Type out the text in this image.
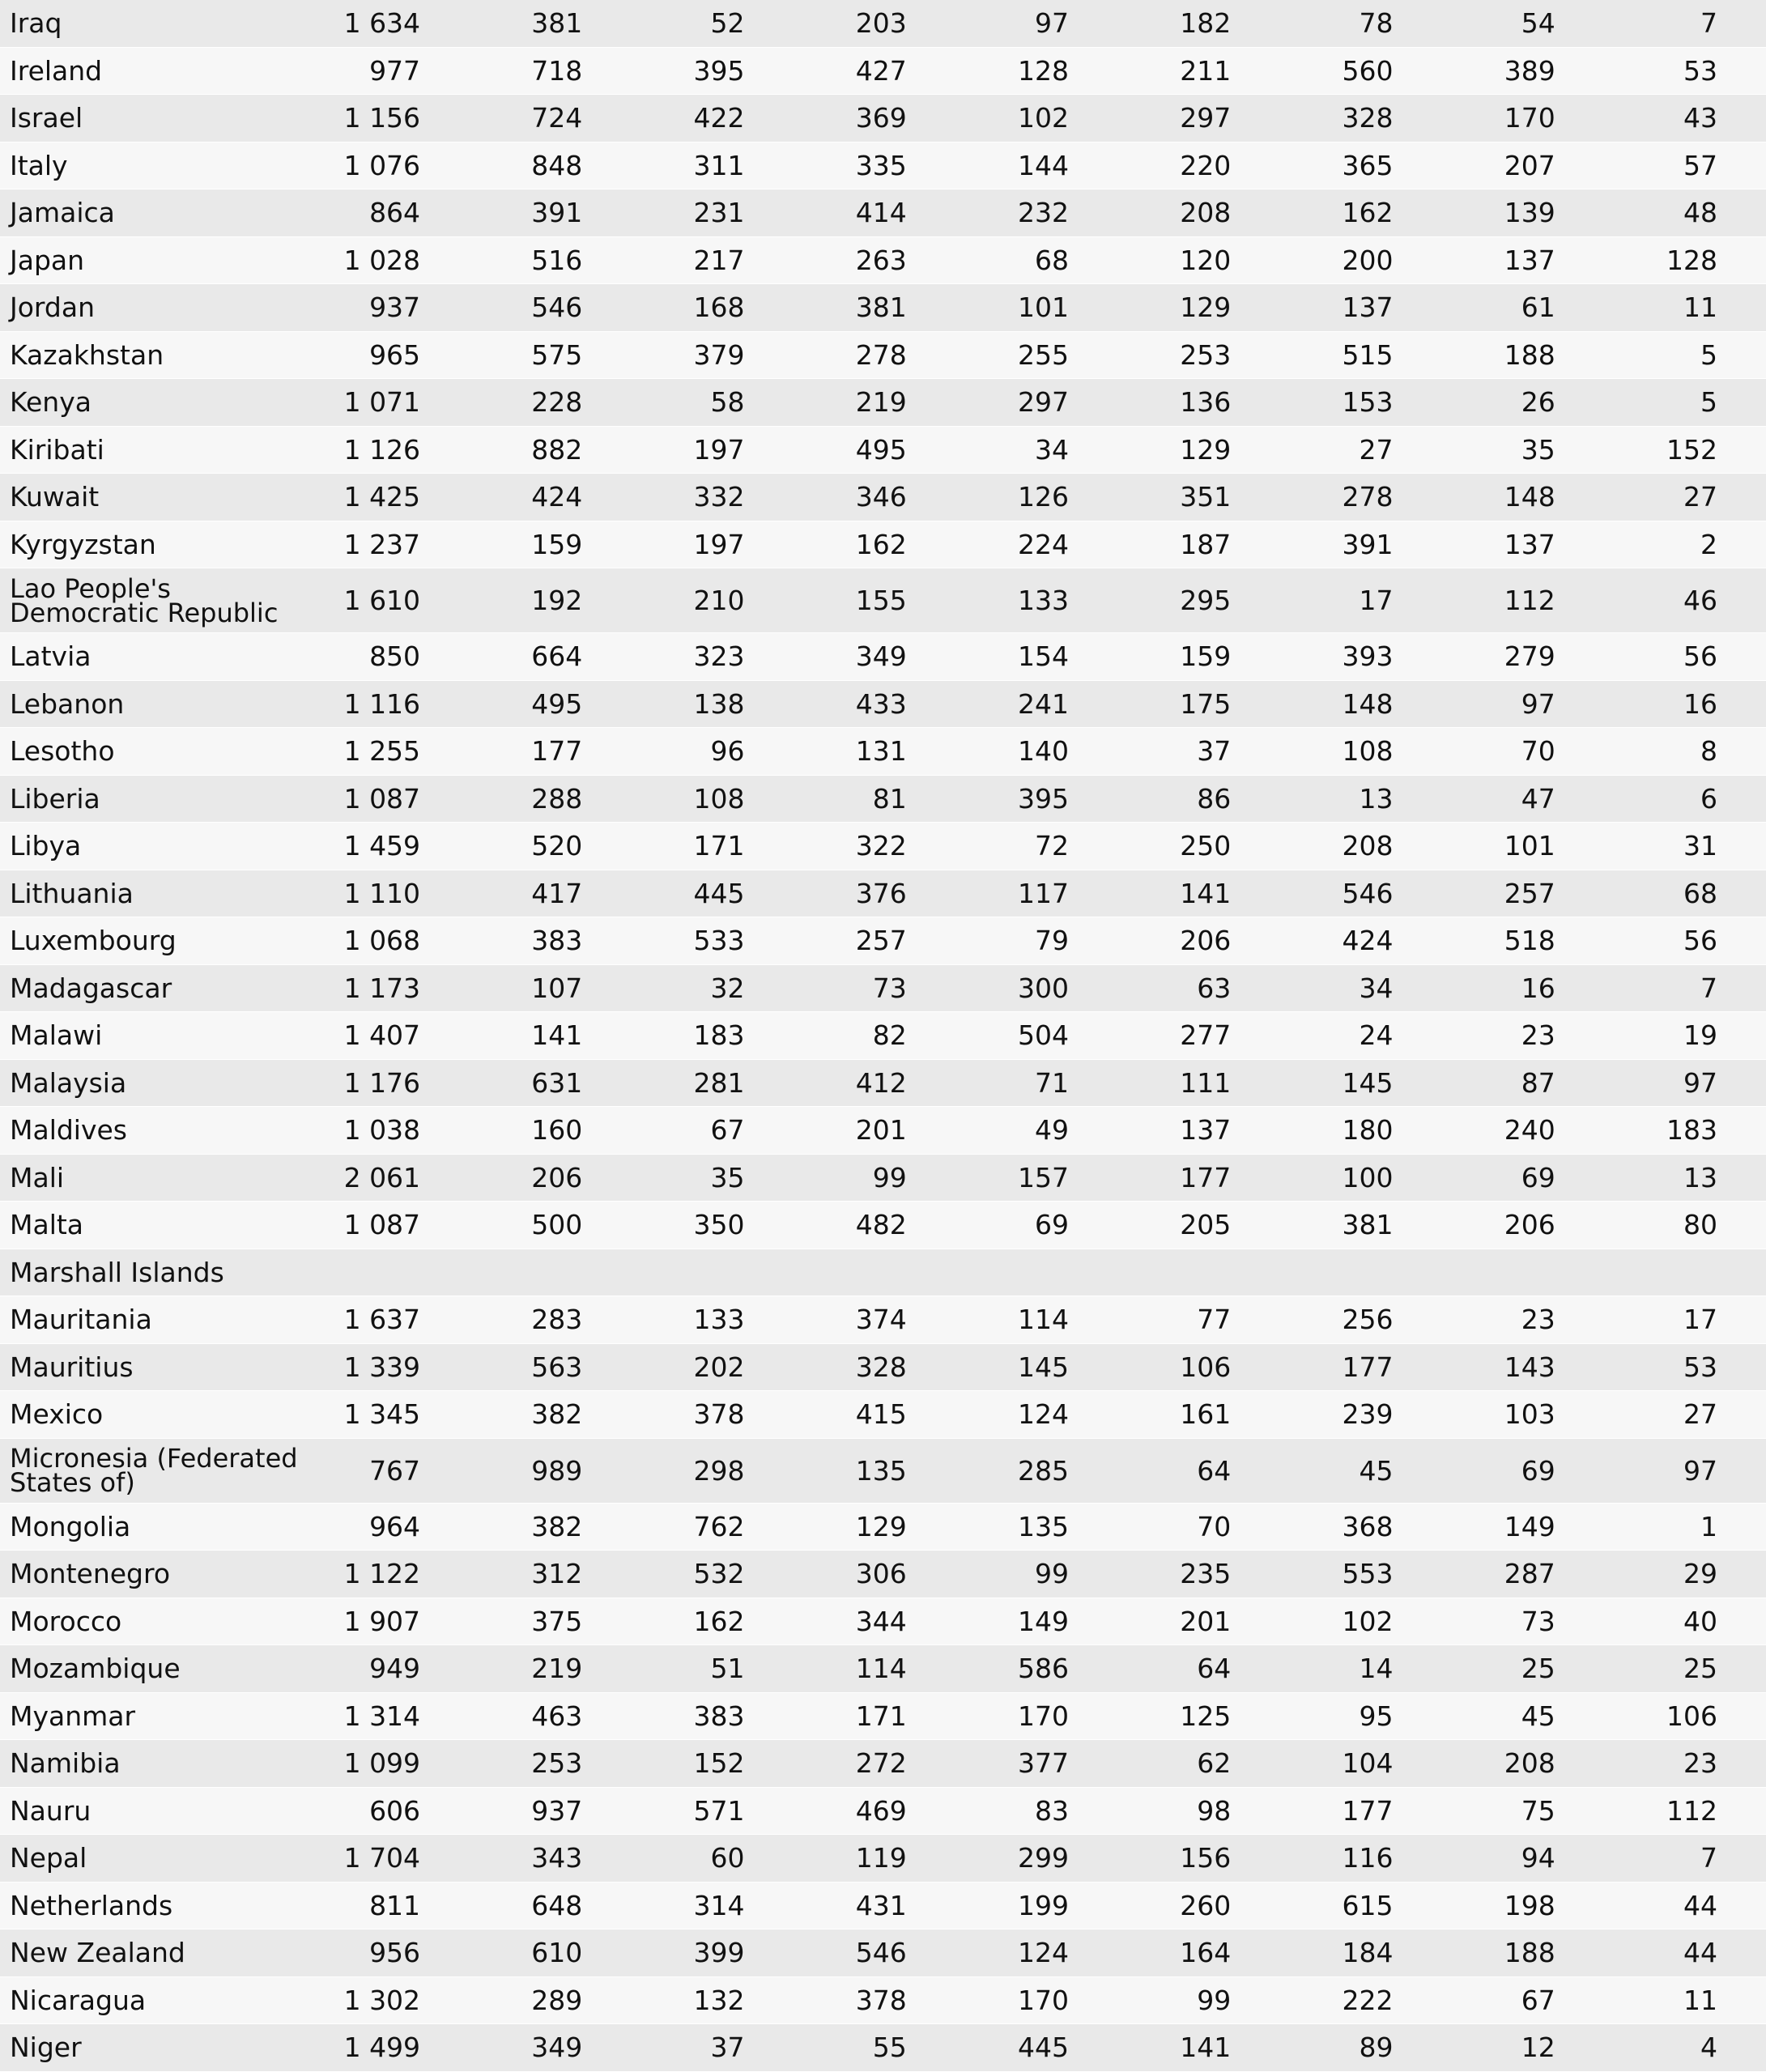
Iraq	1 634	381	52	203	97	182	78	54	7
Ireland	977	718	395	427	128	211	560	389	53
Israel	1 156	724	422	369	102	297	328	170	43
Italy	1 076	848	311	335	144	220	365	207	57
Jamaica	864	391	231	414	232	208	162	139	48
Japan	1 028	516	217	263	68	120	200	137	128
Jordan	937	546	168	381	101	129	137	61	11
Kazakhstan	965	575	379	278	255	253	515	188	5
Kenya	1 071	228	58	219	297	136	153	26	5
Kiribati	1 126	882	197	495	34	129	27	35	152
Kuwait	1 425	424	332	346	126	351	278	148	27
Kyrgyzstan	1 237	159	197	162	224	187	391	137	2
Lao People's Democratic Republic	1 610	192	210	155	133	295	17	112	46
Latvia	850	664	323	349	154	159	393	279	56
Lebanon	1 116	495	138	433	241	175	148	97	16
Lesotho	1 255	177	96	131	140	37	108	70	8
Liberia	1 087	288	108	81	395	86	13	47	6
Libya	1 459	520	171	322	72	250	208	101	31
Lithuania	1 110	417	445	376	117	141	546	257	68
Luxembourg	1 068	383	533	257	79	206	424	518	56
Madagascar	1 173	107	32	73	300	63	34	16	7
Malawi	1 407	141	183	82	504	277	24	23	19
Malaysia	1 176	631	281	412	71	111	145	87	97
Maldives	1 038	160	67	201	49	137	180	240	183
Mali	2 061	206	35	99	157	177	100	69	13
Malta	1 087	500	350	482	69	205	381	206	80
Marshall Islands									
Mauritania	1 637	283	133	374	114	77	256	23	17
Mauritius	1 339	563	202	328	145	106	177	143	53
Mexico	1 345	382	378	415	124	161	239	103	27
Micronesia (Federated States of)	767	989	298	135	285	64	45	69	97
Mongolia	964	382	762	129	135	70	368	149	1
Montenegro	1 122	312	532	306	99	235	553	287	29
Morocco	1 907	375	162	344	149	201	102	73	40
Mozambique	949	219	51	114	586	64	14	25	25
Myanmar	1 314	463	383	171	170	125	95	45	106
Namibia	1 099	253	152	272	377	62	104	208	23
Nauru	606	937	571	469	83	98	177	75	112
Nepal	1 704	343	60	119	299	156	116	94	7
Netherlands	811	648	314	431	199	260	615	198	44
New Zealand	956	610	399	546	124	164	184	188	44
Nicaragua	1 302	289	132	378	170	99	222	67	11
Niger	1 499	349	37	55	445	141	89	12	4
